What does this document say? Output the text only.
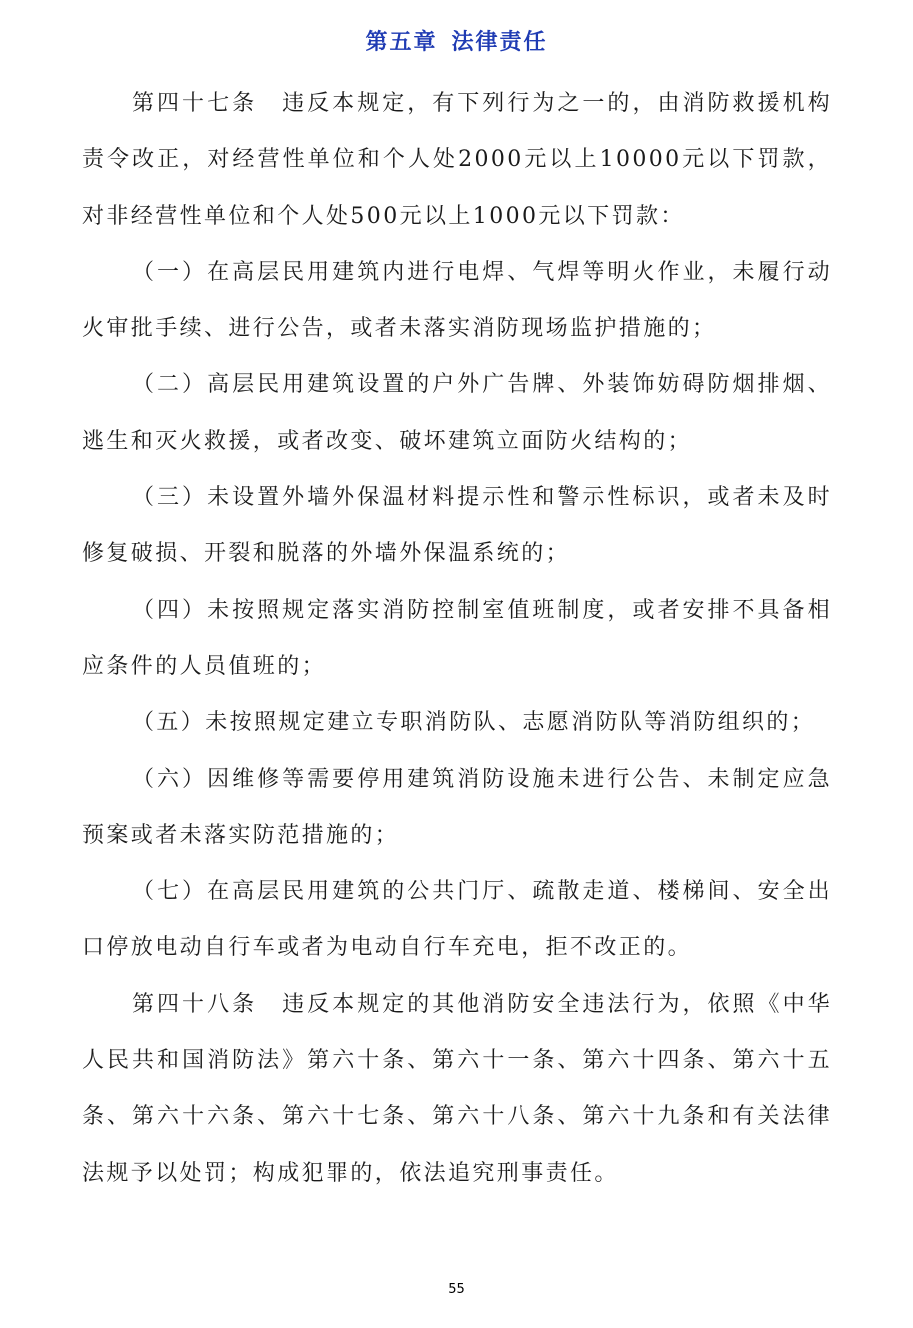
第五章 法律责任

第四十七条　违反本规定，有下列行为之一的，由消防救援机构责令改正，对经营性单位和个人处2000元以上10000元以下罚款，对非经营性单位和个人处500元以上1000元以下罚款：

（一）在高层民用建筑内进行电焊、气焊等明火作业，未履行动火审批手续、进行公告，或者未落实消防现场监护措施的；

（二）高层民用建筑设置的户外广告牌、外装饰妨碍防烟排烟、逃生和灭火救援，或者改变、破坏建筑立面防火结构的；

（三）未设置外墙外保温材料提示性和警示性标识，或者未及时修复破损、开裂和脱落的外墙外保温系统的；

（四）未按照规定落实消防控制室值班制度，或者安排不具备相应条件的人员值班的；

（五）未按照规定建立专职消防队、志愿消防队等消防组织的；

（六）因维修等需要停用建筑消防设施未进行公告、未制定应急预案或者未落实防范措施的；

（七）在高层民用建筑的公共门厅、疏散走道、楼梯间、安全出口停放电动自行车或者为电动自行车充电，拒不改正的。

第四十八条　违反本规定的其他消防安全违法行为，依照《中华人民共和国消防法》第六十条、第六十一条、第六十四条、第六十五条、第六十六条、第六十七条、第六十八条、第六十九条和有关法律法规予以处罚；构成犯罪的，依法追究刑事责任。

55
